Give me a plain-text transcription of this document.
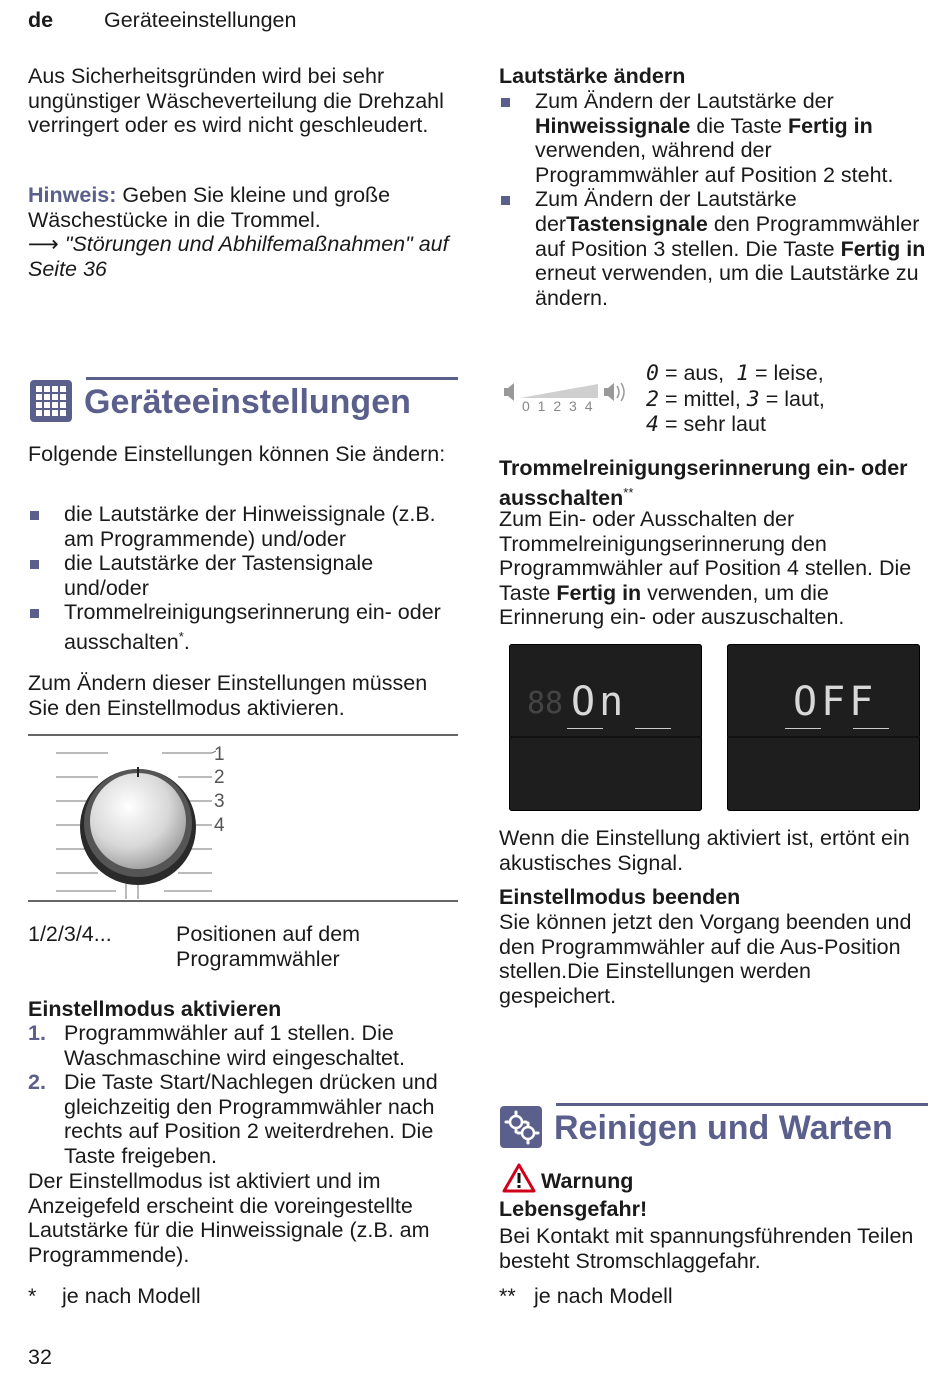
de Geräteeinstellungen

Aus Sicherheitsgründen wird bei sehr ungünstiger Wäscheverteilung die Drehzahl verringert oder es wird nicht geschleudert.

Hinweis: Geben Sie kleine und große Wäschestücke in die Trommel.
⟶ "Störungen und Abhilfemaßnahmen" auf Seite 36

Geräteeinstellungen

Folgende Einstellungen können Sie ändern:

die Lautstärke der Hinweissignale (z.B. am Programmende) und/oder
die Lautstärke der Tastensignale und/oder
Trommelreinigungserinnerung ein- oder ausschalten*.

Zum Ändern dieser Einstellungen müssen Sie den Einstellmodus aktivieren.

1
2
3
4
1/2/3/4...	Positionen auf dem Programmwähler
Einstellmodus aktivieren
1. Programmwähler auf 1 stellen. Die Waschmaschine wird eingeschaltet.
2. Die Taste Start/Nachlegen drücken und gleichzeitig den Programmwähler nach rechts auf Position 2 weiterdrehen. Die Taste freigeben.

Der Einstellmodus ist aktiviert und im Anzeigefeld erscheint die voreingestellte Lautstärke für die Hinweissignale (z.B. am Programmende).

* je nach Modell
32
Lautstärke ändern
Zum Ändern der Lautstärke der Hinweissignale die Taste Fertig in verwenden, während der Programmwähler auf Position 2 steht.
Zum Ändern der Lautstärke derTastensignale den Programmwähler auf Position 3 stellen. Die Taste Fertig in erneut verwenden, um die Lautstärke zu ändern.
0 1 2 3 4
0 = aus, 1 = leise,
2 = mittel, 3 = laut,
4 = sehr laut
Trommelreinigungserinnerung ein- oder ausschalten**

Zum Ein- oder Ausschalten der Trommelreinigungserinnerung den Programmwähler auf Position 4 stellen. Die Taste Fertig in verwenden, um die Erinnerung ein- oder auszuschalten.

On
88	OFF

Wenn die Einstellung aktiviert ist, ertönt ein akustisches Signal.

Einstellmodus beenden

Sie können jetzt den Vorgang beenden und den Programmwähler auf die Aus-Position stellen.Die Einstellungen werden gespeichert.

Reinigen und Warten
Warnung
Lebensgefahr!

Bei Kontakt mit spannungsführenden Teilen besteht Stromschlaggefahr.

** je nach Modell
